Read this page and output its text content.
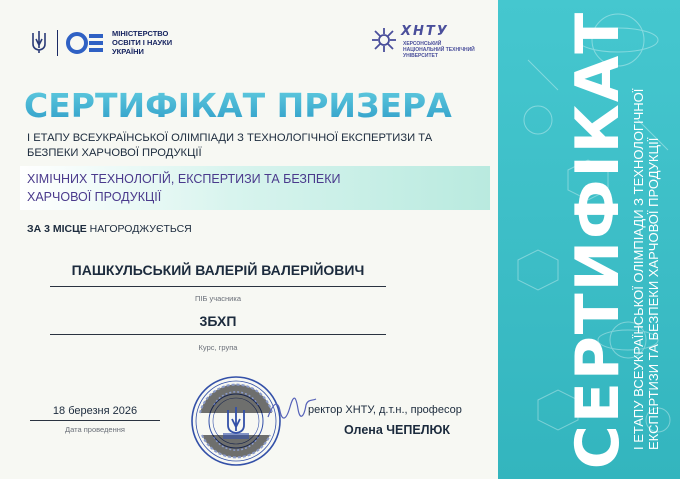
МІНІСТЕРСТВО ОСВІТИ І НАУКИ УКРАЇНИ
ХНТУ
ХЕРСОНСЬКИЙ НАЦІОНАЛЬНИЙ ТЕХНІЧНИЙ УНІВЕРСИТЕТ
СЕРТИФІКАТ ПРИЗЕРА
І ЕТАПУ ВСЕУКРАЇНСЬКОЇ ОЛІМПІАДИ З ТЕХНОЛОГІЧНОЇ ЕКСПЕРТИЗИ ТА БЕЗПЕКИ ХАРЧОВОЇ ПРОДУКЦІЇ
ХІМІЧНИХ ТЕХНОЛОГІЙ, ЕКСПЕРТИЗИ ТА БЕЗПЕКИ ХАРЧОВОЇ ПРОДУКЦІЇ
ЗА 3 МІСЦЕ НАГОРОДЖУЄТЬСЯ
ПАШКУЛЬСЬКИЙ ВАЛЕРІЙ ВАЛЕРІЙОВИЧ
ПІБ учасника
3БХП
Курс, група
18 березня 2026
Дата проведення
ректор ХНТУ, д.т.н., професор
Олена ЧЕПЕЛЮК СЕРТИФІКАТ
І ЕТАПУ ВСЕУКРАЇНСЬКОЇ ОЛІМПІАДИ З ТЕХНОЛОГІЧНОЇ ЕКСПЕРТИЗИ ТА БЕЗПЕКИ ХАРЧОВОЇ ПРОДУКЦІЇ
